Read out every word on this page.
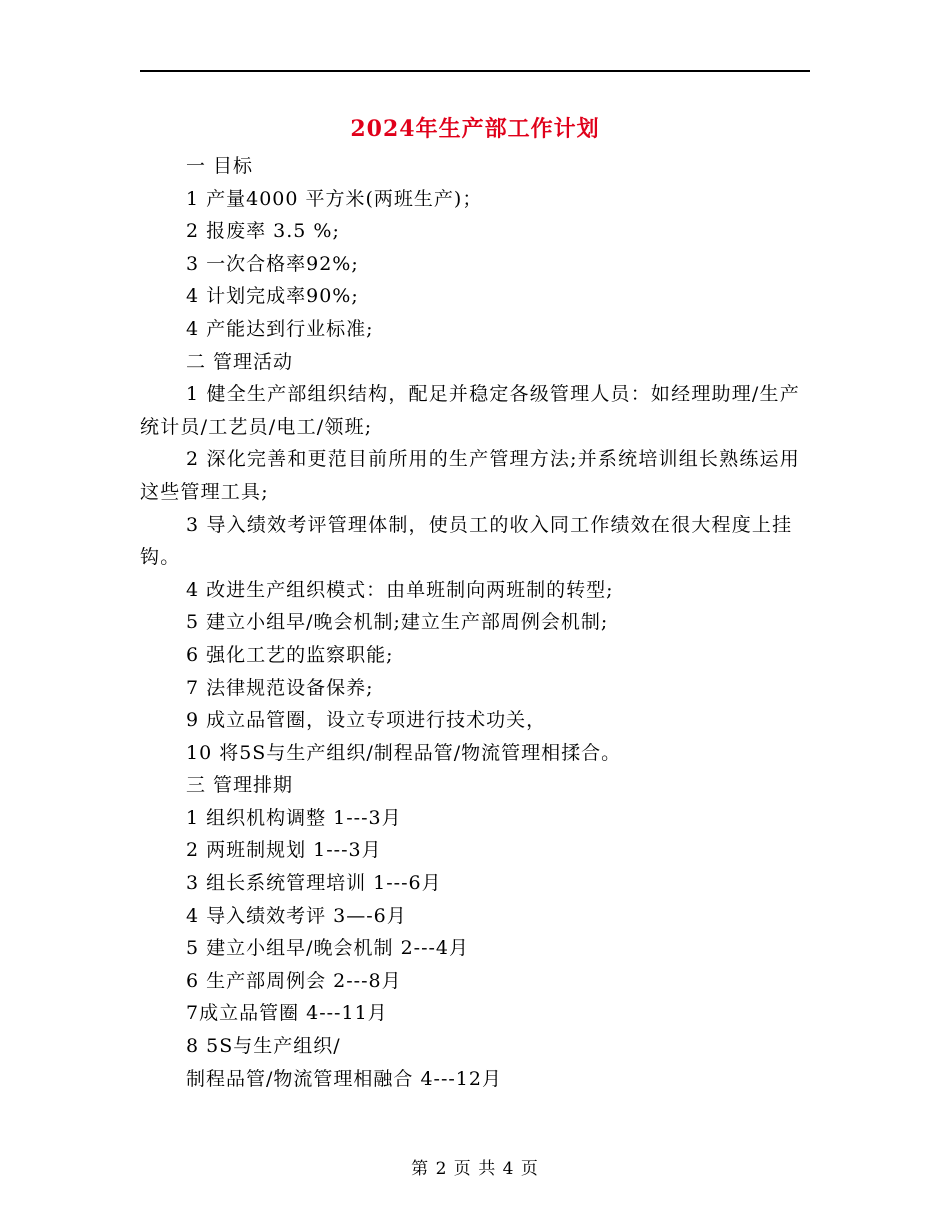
2024年生产部工作计划
一 目标
1 产量4000 平方米(两班生产)；
2 报废率 3.5 %;
3 一次合格率92%;
4 计划完成率90%;
4 产能达到行业标准;
二 管理活动
1 健全生产部组织结构，配足并稳定各级管理人员：如经理助理/生产统计员/工艺员/电工/领班;
2 深化完善和更范目前所用的生产管理方法;并系统培训组长熟练运用这些管理工具;
3 导入绩效考评管理体制，使员工的收入同工作绩效在很大程度上挂钩。
4 改进生产组织模式：由单班制向两班制的转型;
5 建立小组早/晚会机制;建立生产部周例会机制;
6 强化工艺的监察职能;
7 法律规范设备保养;
9 成立品管圈，设立专项进行技术功关，
10 将5S与生产组织/制程品管/物流管理相揉合。
三 管理排期
1 组织机构调整 1---3月
2 两班制规划 1---3月
3 组长系统管理培训 1---6月
4 导入绩效考评 3—-6月
5 建立小组早/晚会机制 2---4月
6 生产部周例会 2---8月
7成立品管圈 4---11月
8 5S与生产组织/
制程品管/物流管理相融合 4---12月
第 2 页 共 4 页
